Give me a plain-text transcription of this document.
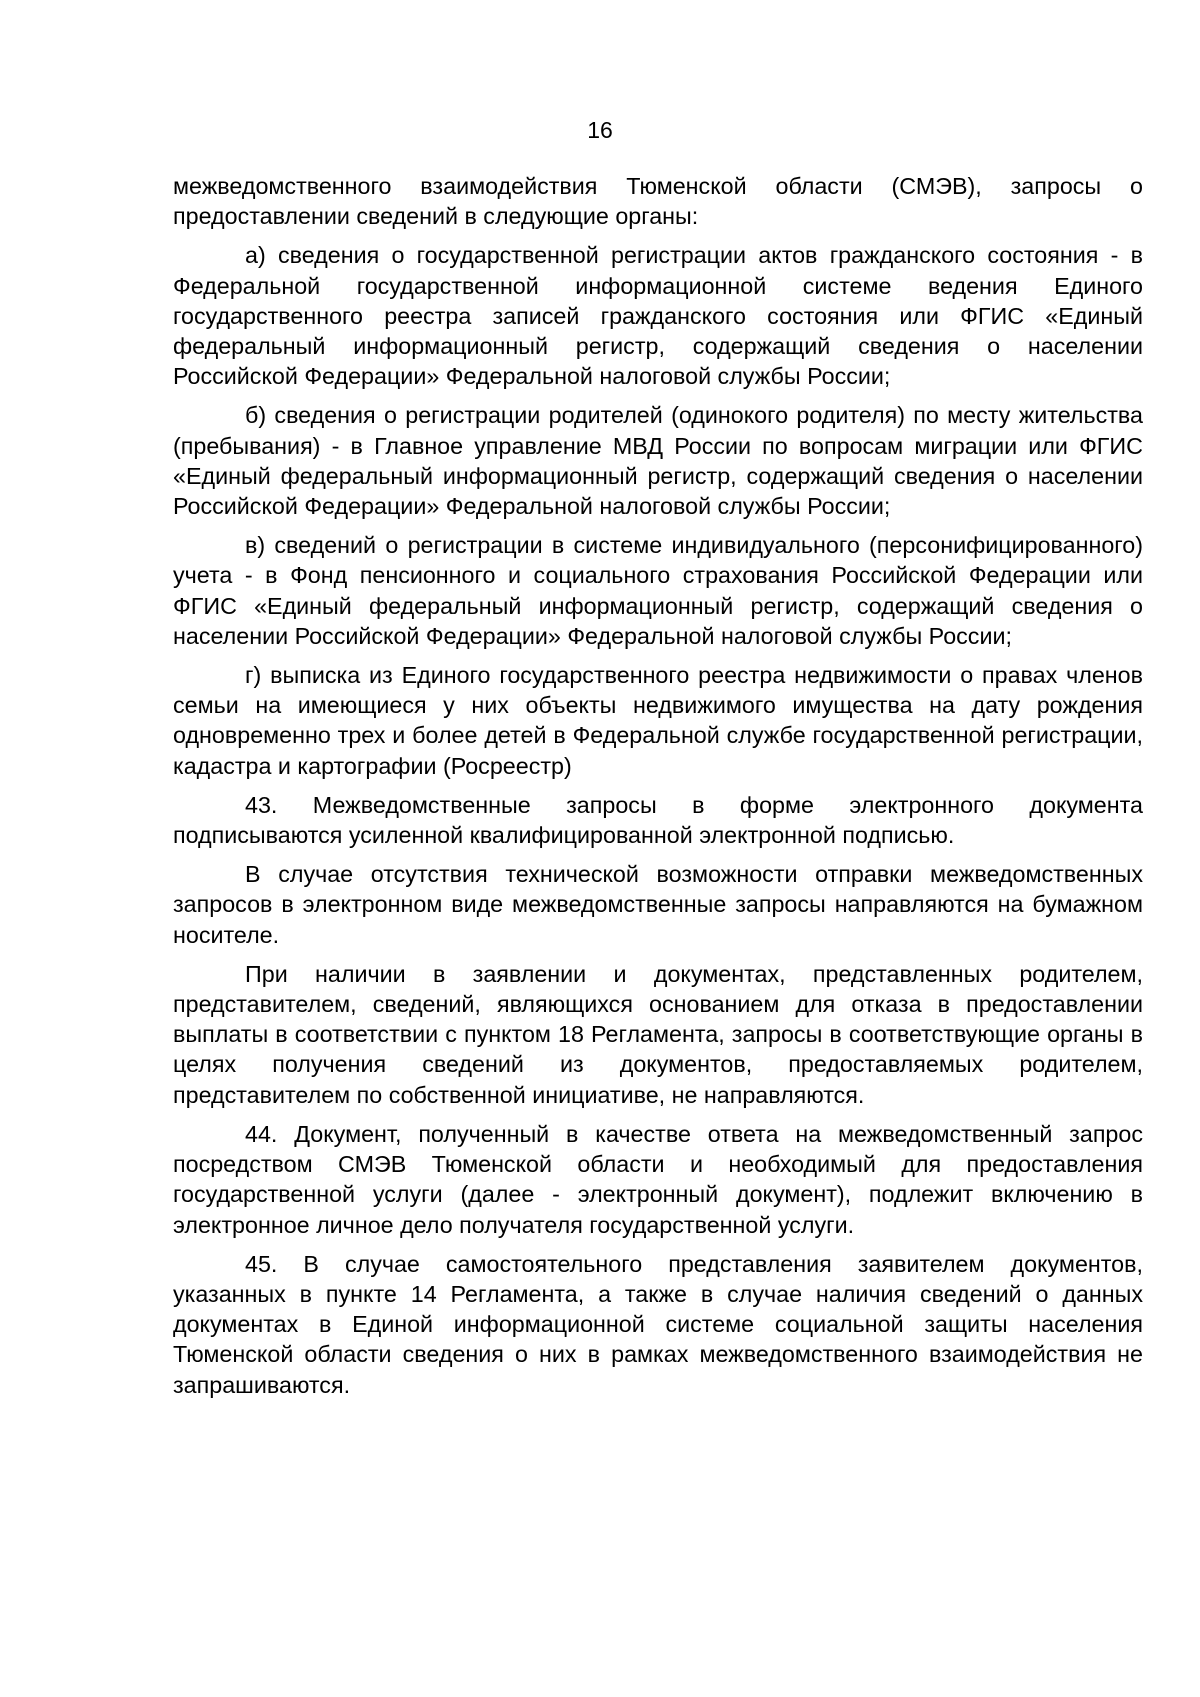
16

межведомственного взаимодействия Тюменской области (СМЭВ), запросы о предоставлении сведений в следующие органы:

а) сведения о государственной регистрации актов гражданского состояния - в Федеральной государственной информационной системе ведения Единого государственного реестра записей гражданского состояния или ФГИС «Единый федеральный информационный регистр, содержащий сведения о населении Российской Федерации» Федеральной налоговой службы России;

б) сведения о регистрации родителей (одинокого родителя) по месту жительства (пребывания) - в Главное управление МВД России по вопросам миграции или ФГИС «Единый федеральный информационный регистр, содержащий сведения о населении Российской Федерации» Федеральной налоговой службы России;

в) сведений о регистрации в системе индивидуального (персонифицированного) учета - в Фонд пенсионного и социального страхования Российской Федерации или ФГИС «Единый федеральный информационный регистр, содержащий сведения о населении Российской Федерации» Федеральной налоговой службы России;

г) выписка из Единого государственного реестра недвижимости о правах членов семьи на имеющиеся у них объекты недвижимого имущества на дату рождения одновременно трех и более детей в Федеральной службе государственной регистрации, кадастра и картографии (Росреестр)

43. Межведомственные запросы в форме электронного документа подписываются усиленной квалифицированной электронной подписью.

В случае отсутствия технической возможности отправки межведомственных запросов в электронном виде межведомственные запросы направляются на бумажном носителе.

При наличии в заявлении и документах, представленных родителем, представителем, сведений, являющихся основанием для отказа в предоставлении выплаты в соответствии с пунктом 18 Регламента, запросы в соответствующие органы в целях получения сведений из документов, предоставляемых родителем, представителем по собственной инициативе, не направляются.

44. Документ, полученный в качестве ответа на межведомственный запрос посредством СМЭВ Тюменской области и необходимый для предоставления государственной услуги (далее - электронный документ), подлежит включению в электронное личное дело получателя государственной услуги.

45. В случае самостоятельного представления заявителем документов, указанных в пункте 14 Регламента, а также в случае наличия сведений о данных документах в Единой информационной системе социальной защиты населения Тюменской области сведения о них в рамках межведомственного взаимодействия не запрашиваются.
